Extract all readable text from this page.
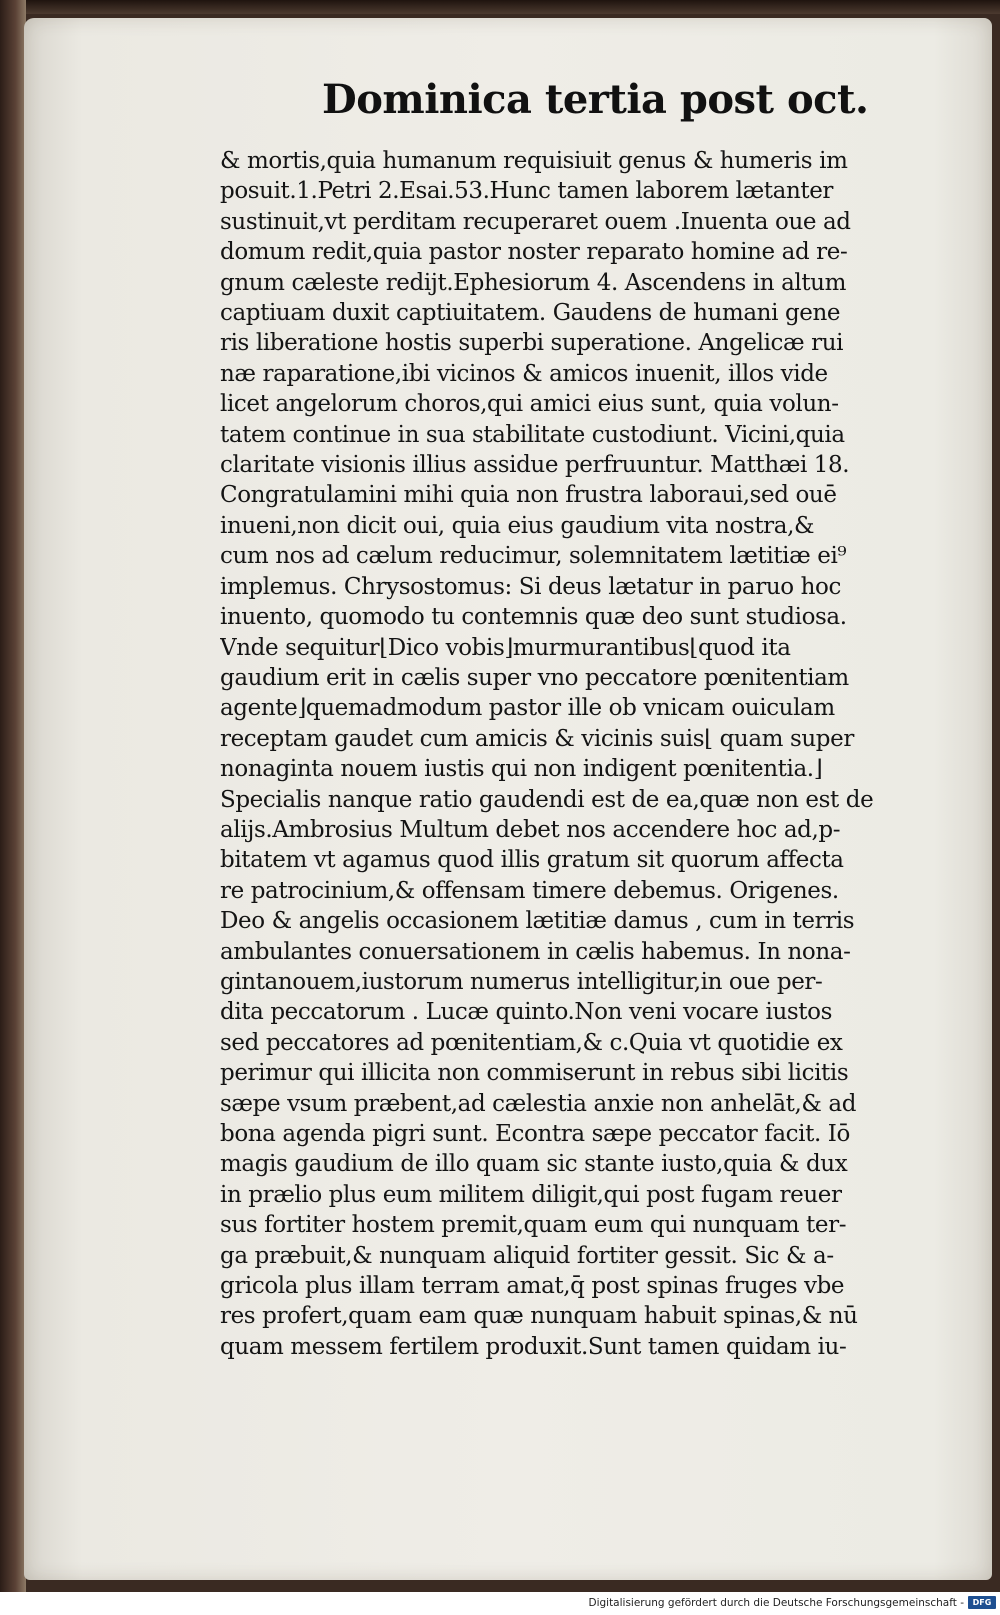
Dominica tertia post oct.
& mortis,quia humanum requisiuit genus & humeris im
posuit.1.Petri 2.Esai.53.Hunc tamen laborem lætanter
sustinuit,vt perditam recuperaret ouem .Inuenta oue ad
domum redit,quia pastor noster reparato homine ad re-
gnum cæleste redijt.Ephesiorum 4. Ascendens in altum
captiuam duxit captiuitatem. Gaudens de humani gene
ris liberatione hostis superbi superatione. Angelicæ rui
næ raparatione,ibi vicinos & amicos inuenit, illos vide
licet angelorum choros,qui amici eius sunt, quia volun-
tatem continue in sua stabilitate custodiunt. Vicini,quia
claritate visionis illius assidue perfruuntur. Matthæi 18.
Congratulamini mihi quia non frustra laboraui,sed ouē
inueni,non dicit oui, quia eius gaudium vita nostra,&
cum nos ad cælum reducimur, solemnitatem lætitiæ ei⁹
implemus. Chrysostomus: Si deus lætatur in paruo hoc
inuento, quomodo tu contemnis quæ deo sunt studiosa.
Vnde sequitur⌊Dico vobis⌋murmurantibus⌊quod ita
gaudium erit in cælis super vno peccatore pœnitentiam
agente⌋quemadmodum pastor ille ob vnicam ouiculam
receptam gaudet cum amicis & vicinis suis⌊ quam super
nonaginta nouem iustis qui non indigent pœnitentia.⌋
Specialis nanque ratio gaudendi est de ea,quæ non est de
alijs.Ambrosius Multum debet nos accendere hoc ad,p-
bitatem vt agamus quod illis gratum sit quorum affecta
re patrocinium,& offensam timere debemus. Origenes.
Deo & angelis occasionem lætitiæ damus , cum in terris
ambulantes conuersationem in cælis habemus. In nona-
gintanouem,iustorum numerus intelligitur,in oue per-
dita peccatorum . Lucæ quinto.Non veni vocare iustos
sed peccatores ad pœnitentiam,& c.Quia vt quotidie ex
perimur qui illicita non commiserunt in rebus sibi licitis
sæpe vsum præbent,ad cælestia anxie non anhelāt,& ad
bona agenda pigri sunt. Econtra sæpe peccator facit. Iō
magis gaudium de illo quam sic stante iusto,quia & dux
in prælio plus eum militem diligit,qui post fugam reuer
sus fortiter hostem premit,quam eum qui nunquam ter-
ga præbuit,& nunquam aliquid fortiter gessit. Sic & a-
gricola plus illam terram amat,q̄ post spinas fruges vbe
res profert,quam eam quæ nunquam habuit spinas,& nū
quam messem fertilem produxit.Sunt tamen quidam iu-
Digitalisierung gefördert durch die Deutsche Forschungsgemeinschaft -	DFG
